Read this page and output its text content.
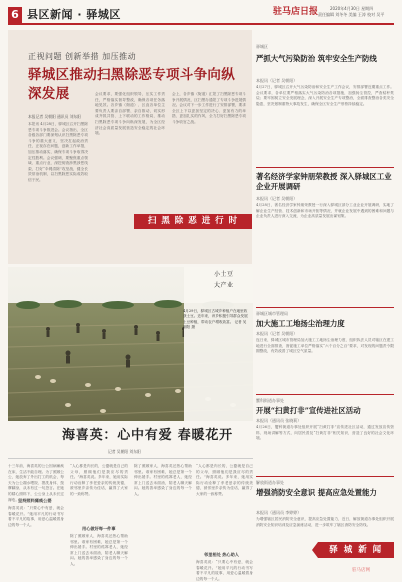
6 县区新闻 · 驿城区	驻马店日报	2020年4月30日 星期四
责任编辑 刘冬冬 美编 王涛 校对 吴平
正视问题 创新举措 加压推动
驿城区推动扫黑除恶专项斗争向纵深发展
本报记者 吴朝阳 通讯员 刘东阳
本报讯 4月28日，驿城区召开扫黑除恶专项斗争推进会。会议指出，全区各级各部门要深刻认识扫黑除恶专项斗争的重大意义，坚决扛起政治责任，正视存在问题，创新工作举措，加压推动落实，确保专项斗争取得决定性胜利。会议强调，要聚焦重点领域、重点行业，深挖彻查涉黑涉恶线索，打好“伞网清除”攻坚战，健全长效常治机制，以扫黑除恶实际成效取信于民。
会议要求，要强化组织领导，压实工作责任，严格落实督导整改，确保各项任务落地见效。各乡镇（街道）、区直各单位主要负责人要亲自部署、亲自推动，切实形成齐抓共管、上下联动的工作格局，推动扫黑除恶专项斗争向纵深发展，为全区经济社会高质量发展营造安全稳定的社会环境。
会上，各乡镇（街道）汇报了扫黑除恶专项斗争开展情况，区扫黑办通报了专项斗争进展情况。会议对下一步工作进行了安排部署，要求全区上下以更加坚定的决心、更加有力的举措、更加扎实的作风，全力打好扫黑除恶专项斗争收官之战。
扫 黑 除 恶 进 行 时
驿城区
严抓大气污染防治 筑牢安全生产防线
本报讯（记者 吴朝阳）
4月27日，驿城区召开大气污染防治和安全生产工作会议，安排部署近期重点工作。会议要求，各单位要严格落实大气污染防治各项措施，加强扬尘管控，严查秸秆焚烧；要牢固树立安全发展理念，深入开展安全生产专项整治，全面排查整治各类安全隐患，坚决遏制重特大事故发生，确保全区安全生产形势持续稳定。
著名经济学家钟朋荣教授 深入驿城区工业企业开展调研
本报讯（记者 吴朝阳）
4月28日，著名经济学家钟朋荣教授一行深入驿城区部分工业企业开展调研，实地了解企业生产经营、技术创新和市场开拓等情况，并就企业发展中遇到的困难和问题与企业负责人进行深入交流，为企业高质量发展出谋划策。
驿城区城市管理局
加大施工工地扬尘治理力度
本报讯（记者 吴朝阳）
连日来，驿城区城市管理局加大施工工地扬尘治理力度，组织执法人员对辖区在建工地进行全面排查，督促施工单位严格落实“六个百分之百”要求，对发现的问题责令限期整改，有效改善了城区空气质量。
蟹科街道办事处
开展“扫黄打非”宣传进社区活动
本报讯（通讯员 张晓莉）
4月26日，蟹科街道办事处组织开展“扫黄打非”宣传进社区活动，通过发放宣传资料、现场讲解等方式，向居民普及“扫黄打非”相关知识，营造了良好的社会文化环境。
解放街道办事处
增强消防安全意识 提高应急处置能力
本报讯（通讯员 李婷婷）
为增强辖区居民消防安全意识，提高应急处置能力，近日，解放街道办事处组织开展消防安全知识培训及应急演练活动，进一步筑牢了辖区消防安全防线。
小土豆
大产业
4月29日，驿城区古城乡种植户在地里收获土豆。近年来，该乡积极引导群众发展土豆种植，带动农户增收致富。 记者 吴朝阳 摄
海喜英：心中有爱 春暖花开
记者 吴朝阳 刘东阳
十三年前，海喜英的公公因病瘫痪在床，生活不能自理。为了照顾公公，她放弃了外出打工的机会，每天为公公端水喂饭、擦洗身体、按摩翻身，从未有过一句怨言。在她的精心照料下，公公身上从未长过褥疮。
坚持照料瘫痪公婆
海喜英说：“只要心中有爱，就会春暖花开。”她用平凡的行动书写着不平凡的故事，用爱心温暖着身边的每一个人。
“人心都是肉长的，公婆就是自己的父母，照顾他们是我应尽的责任。”海喜英说。多年来，她用实际行动诠释了孝老爱亲的传统美德，被邻里乡亲传为佳话，赢得了大家的一致称赞。
用心做好每一件事
除了照顾家人，海喜英还热心帮助邻里。谁家有困难，她总是第一个伸出援手。村里的孤寡老人，她经常上门送去米面油，陪老人聊天解闷。她的善举感染了身边的每一个人。
除了照顾家人，海喜英还热心帮助邻里。谁家有困难，她总是第一个伸出援手。村里的孤寡老人，她经常上门送去米面油，陪老人聊天解闷。她的善举感染了身边的每一个人。
“人心都是肉长的，公婆就是自己的父母，照顾他们是我应尽的责任。”海喜英说。多年来，她用实际行动诠释了孝老爱亲的传统美德，被邻里乡亲传为佳话，赢得了大家的一致称赞。
邻里相处 热心助人
海喜英说：“只要心中有爱，就会春暖花开。”她用平凡的行动书写着不平凡的故事，用爱心温暖着身边的每一个人。
驿 城 新 闻
驻马店网
